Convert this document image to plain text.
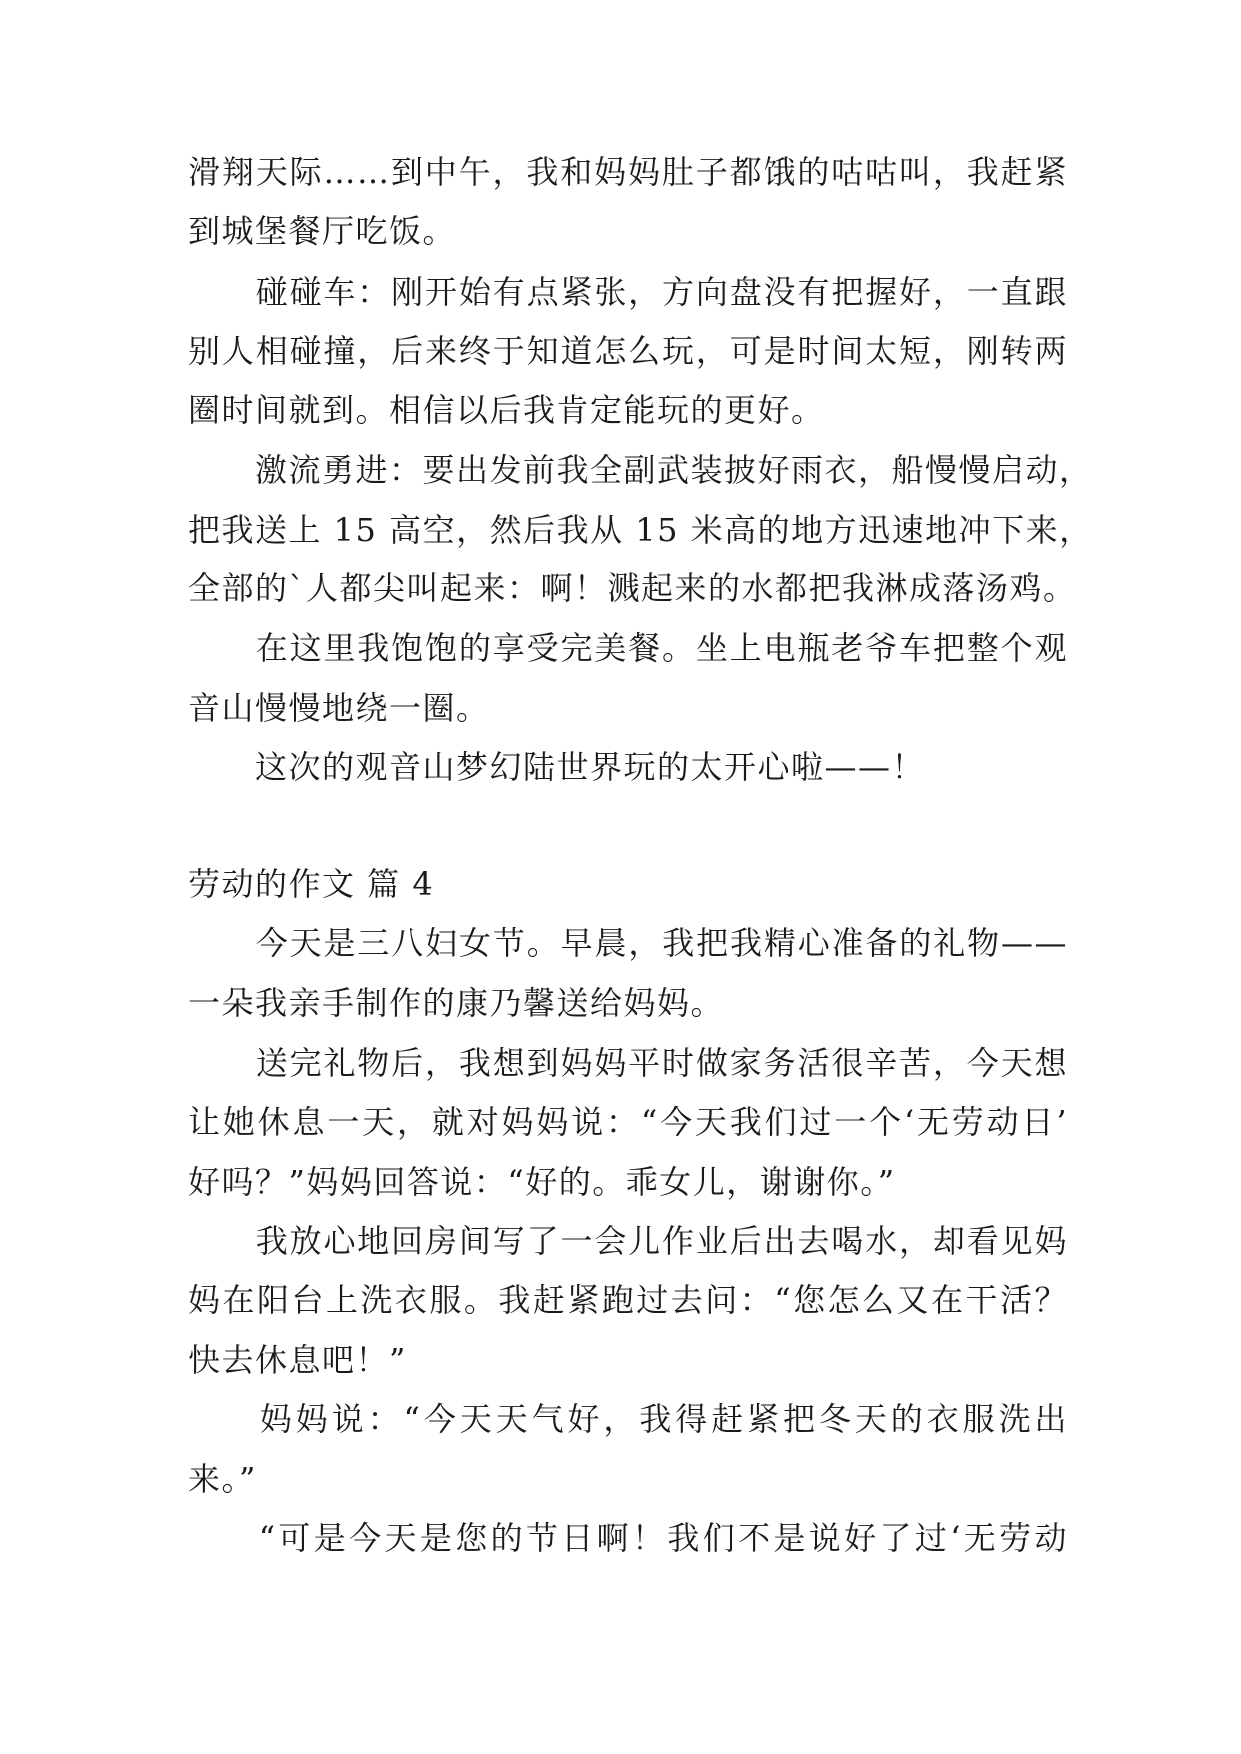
滑翔天际……到中午，我和妈妈肚子都饿的咕咕叫，我赶紧
到城堡餐厅吃饭。
　　碰碰车：刚开始有点紧张，方向盘没有把握好，一直跟
别人相碰撞，后来终于知道怎么玩，可是时间太短，刚转两
圈时间就到。相信以后我肯定能玩的更好。
　　激流勇进：要出发前我全副武装披好雨衣，船慢慢启动，
把我送上 15 高空，然后我从 15 米高的地方迅速地冲下来，
全部的`人都尖叫起来：啊！溅起来的水都把我淋成落汤鸡。
　　在这里我饱饱的享受完美餐。坐上电瓶老爷车把整个观
音山慢慢地绕一圈。
　　这次的观音山梦幻陆世界玩的太开心啦——！
劳动的作文 篇 4
　　今天是三八妇女节。早晨，我把我精心准备的礼物——
一朵我亲手制作的康乃馨送给妈妈。
　　送完礼物后，我想到妈妈平时做家务活很辛苦，今天想
让她休息一天，就对妈妈说：“今天我们过一个‘无劳动日’
好吗？”妈妈回答说：“好的。乖女儿，谢谢你。”
　　我放心地回房间写了一会儿作业后出去喝水，却看见妈
妈在阳台上洗衣服。我赶紧跑过去问：“您怎么又在干活？
快去休息吧！”
　　妈妈说：“今天天气好，我得赶紧把冬天的衣服洗出
来。”
　　“可是今天是您的节日啊！我们不是说好了过‘无劳动
